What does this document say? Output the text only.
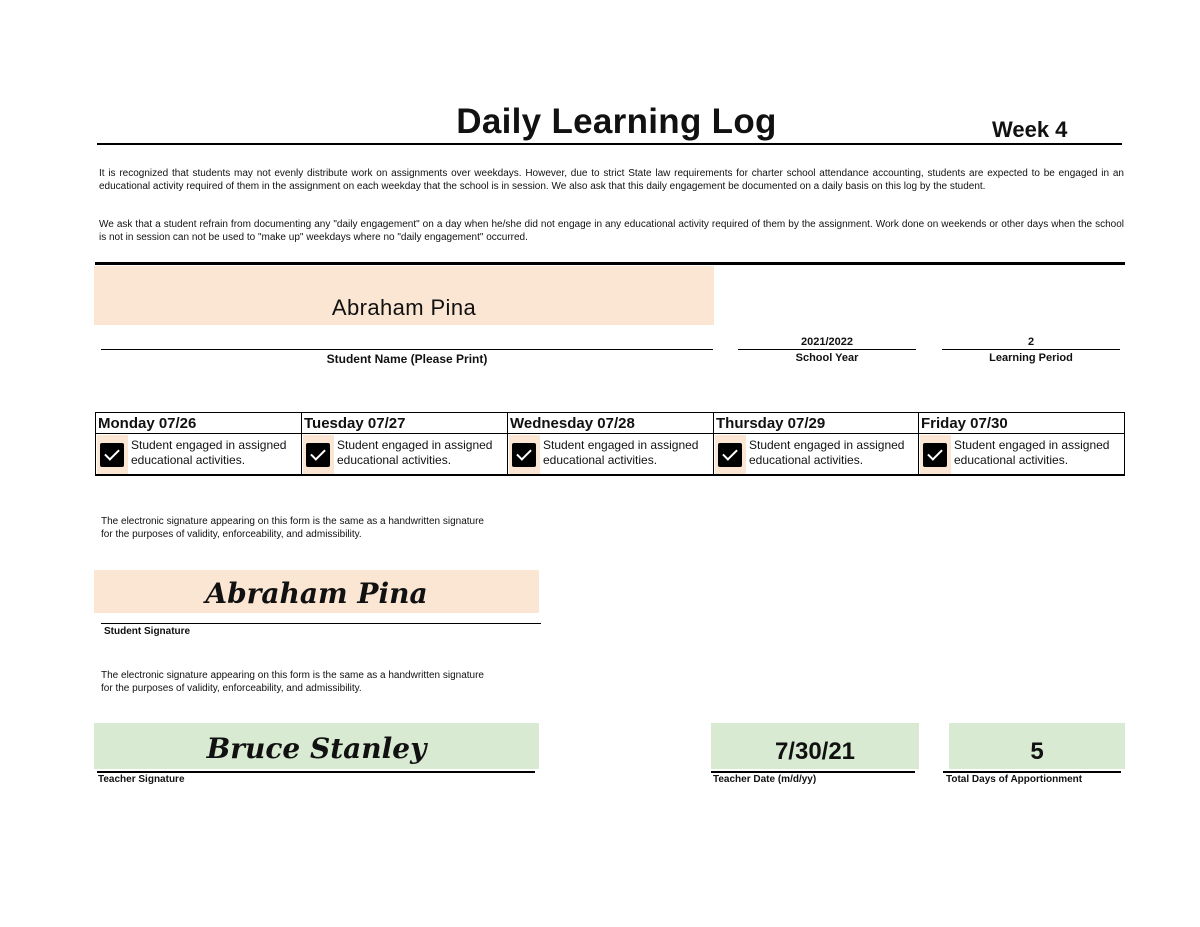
Daily Learning Log	Week 4
It is recognized that students may not evenly distribute work on assignments over weekdays. However, due to strict State law requirements for charter school attendance accounting, students are expected to be engaged in an educational activity required of them in the assignment on each weekday that the school is in session. We also ask that this daily engagement be documented on a daily basis on this log by the student.
We ask that a student refrain from documenting any "daily engagement" on a day when he/she did not engage in any educational activity required of them by the assignment. Work done on weekends or other days when the school is not in session can not be used to "make up" weekdays where no "daily engagement" occurred.
Abraham Pina
Student Name (Please Print)
2021/2022
School Year
2
Learning Period
Monday 07/26
Student engaged in assigned
educational activities.
Tuesday 07/27
Student engaged in assigned
educational activities.
Wednesday 07/28
Student engaged in assigned
educational activities.
Thursday 07/29
Student engaged in assigned
educational activities.
Friday 07/30
Student engaged in assigned
educational activities.
The electronic signature appearing on this form is the same as a handwritten signature
for the purposes of validity, enforceability, and admissibility.
Abraham Pina
Student Signature
The electronic signature appearing on this form is the same as a handwritten signature
for the purposes of validity, enforceability, and admissibility.
Bruce Stanley
Teacher Signature
7/30/21
Teacher Date (m/d/yy)
5
Total Days of Apportionment
